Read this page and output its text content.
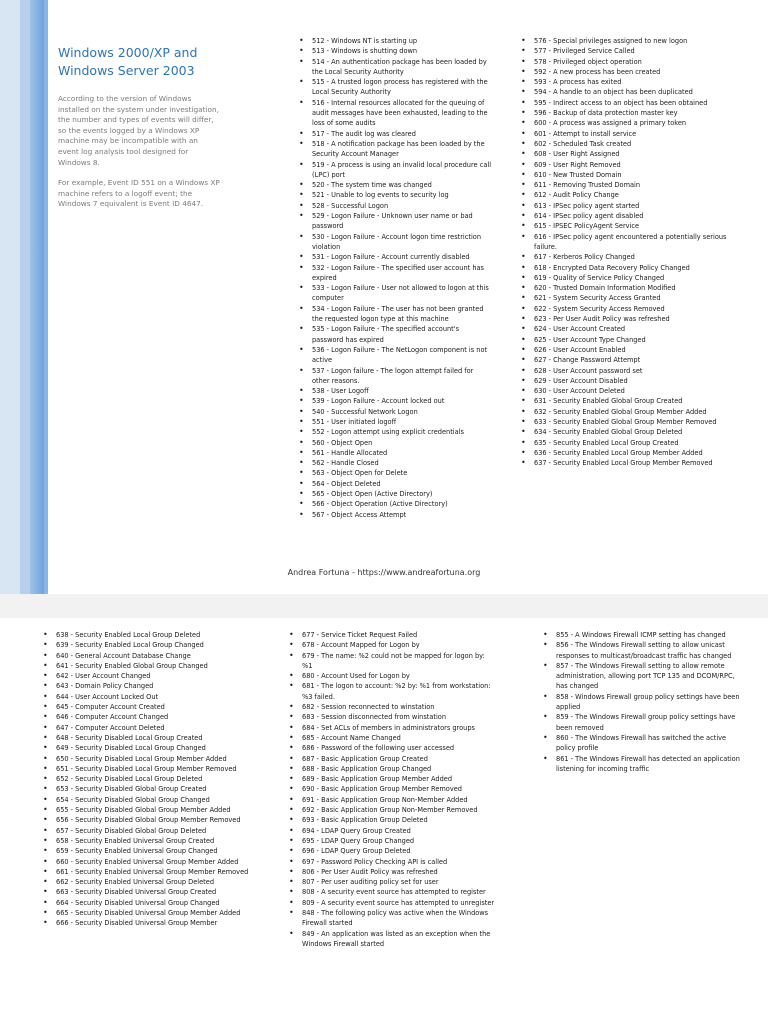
Windows 2000/XP and
Windows Server 2003

According to the version of Windows installed on the system under investigation, the number and types of events will differ, so the events logged by a Windows XP machine may be incompatible with an event log analysis tool designed for Windows 8.

For example, Event ID 551 on a Windows XP machine refers to a logoff event; the Windows 7 equivalent is Event ID 4647.

• 512 - Windows NT is starting up
• 513 - Windows is shutting down
• 514 - An authentication package has been loaded by the Local Security Authority
• 515 - A trusted logon process has registered with the Local Security Authority
• 516 - Internal resources allocated for the queuing of audit messages have been exhausted, leading to the loss of some audits
• 517 - The audit log was cleared
• 518 - A notification package has been loaded by the Security Account Manager
• 519 - A process is using an invalid local procedure call (LPC) port
• 520 - The system time was changed
• 521 - Unable to log events to security log
• 528 - Successful Logon
• 529 - Logon Failure - Unknown user name or bad password
• 530 - Logon Failure - Account logon time restriction violation
• 531 - Logon Failure - Account currently disabled
• 532 - Logon Failure - The specified user account has expired
• 533 - Logon Failure - User not allowed to logon at this computer
• 534 - Logon Failure - The user has not been granted the requested logon type at this machine
• 535 - Logon Failure - The specified account's password has expired
• 536 - Logon Failure - The NetLogon component is not active
• 537 - Logon failure - The logon attempt failed for other reasons.
• 538 - User Logoff
• 539 - Logon Failure - Account locked out
• 540 - Successful Network Logon
• 551 - User initiated logoff
• 552 - Logon attempt using explicit credentials
• 560 - Object Open
• 561 - Handle Allocated
• 562 - Handle Closed
• 563 - Object Open for Delete
• 564 - Object Deleted
• 565 - Object Open (Active Directory)
• 566 - Object Operation (Active Directory)
• 567 - Object Access Attempt
• 576 - Special privileges assigned to new logon
• 577 - Privileged Service Called
• 578 - Privileged object operation
• 592 - A new process has been created
• 593 - A process has exited
• 594 - A handle to an object has been duplicated
• 595 - Indirect access to an object has been obtained
• 596 - Backup of data protection master key
• 600 - A process was assigned a primary token
• 601 - Attempt to install service
• 602 - Scheduled Task created
• 608 - User Right Assigned
• 609 - User Right Removed
• 610 - New Trusted Domain
• 611 - Removing Trusted Domain
• 612 - Audit Policy Change
• 613 - IPSec policy agent started
• 614 - IPSec policy agent disabled
• 615 - IPSEC PolicyAgent Service
• 616 - IPSec policy agent encountered a potentially serious failure.
• 617 - Kerberos Policy Changed
• 618 - Encrypted Data Recovery Policy Changed
• 619 - Quality of Service Policy Changed
• 620 - Trusted Domain Information Modified
• 621 - System Security Access Granted
• 622 - System Security Access Removed
• 623 - Per User Audit Policy was refreshed
• 624 - User Account Created
• 625 - User Account Type Changed
• 626 - User Account Enabled
• 627 - Change Password Attempt
• 628 - User Account password set
• 629 - User Account Disabled
• 630 - User Account Deleted
• 631 - Security Enabled Global Group Created
• 632 - Security Enabled Global Group Member Added
• 633 - Security Enabled Global Group Member Removed
• 634 - Security Enabled Global Group Deleted
• 635 - Security Enabled Local Group Created
• 636 - Security Enabled Local Group Member Added
• 637 - Security Enabled Local Group Member Removed
Andrea Fortuna - https://www.andreafortuna.org
• 638 - Security Enabled Local Group Deleted
• 639 - Security Enabled Local Group Changed
• 640 - General Account Database Change
• 641 - Security Enabled Global Group Changed
• 642 - User Account Changed
• 643 - Domain Policy Changed
• 644 - User Account Locked Out
• 645 - Computer Account Created
• 646 - Computer Account Changed
• 647 - Computer Account Deleted
• 648 - Security Disabled Local Group Created
• 649 - Security Disabled Local Group Changed
• 650 - Security Disabled Local Group Member Added
• 651 - Security Disabled Local Group Member Removed
• 652 - Security Disabled Local Group Deleted
• 653 - Security Disabled Global Group Created
• 654 - Security Disabled Global Group Changed
• 655 - Security Disabled Global Group Member Added
• 656 - Security Disabled Global Group Member Removed
• 657 - Security Disabled Global Group Deleted
• 658 - Security Enabled Universal Group Created
• 659 - Security Enabled Universal Group Changed
• 660 - Security Enabled Universal Group Member Added
• 661 - Security Enabled Universal Group Member Removed
• 662 - Security Enabled Universal Group Deleted
• 663 - Security Disabled Universal Group Created
• 664 - Security Disabled Universal Group Changed
• 665 - Security Disabled Universal Group Member Added
• 666 - Security Disabled Universal Group Member
• 677 - Service Ticket Request Failed
• 678 - Account Mapped for Logon by
• 679 - The name: %2 could not be mapped for logon by: %1
• 680 - Account Used for Logon by
• 681 - The logon to account: %2 by: %1 from workstation: %3 failed.
• 682 - Session reconnected to winstation
• 683 - Session disconnected from winstation
• 684 - Set ACLs of members in administrators groups
• 685 - Account Name Changed
• 686 - Password of the following user accessed
• 687 - Basic Application Group Created
• 688 - Basic Application Group Changed
• 689 - Basic Application Group Member Added
• 690 - Basic Application Group Member Removed
• 691 - Basic Application Group Non-Member Added
• 692 - Basic Application Group Non-Member Removed
• 693 - Basic Application Group Deleted
• 694 - LDAP Query Group Created
• 695 - LDAP Query Group Changed
• 696 - LDAP Query Group Deleted
• 697 - Password Policy Checking API is called
• 806 - Per User Audit Policy was refreshed
• 807 - Per user auditing policy set for user
• 808 - A security event source has attempted to register
• 809 - A security event source has attempted to unregister
• 848 - The following policy was active when the Windows Firewall started
• 849 - An application was listed as an exception when the Windows Firewall started
• 855 - A Windows Firewall ICMP setting has changed
• 856 - The Windows Firewall setting to allow unicast responses to multicast/broadcast traffic has changed
• 857 - The Windows Firewall setting to allow remote administration, allowing port TCP 135 and DCOM/RPC, has changed
• 858 - Windows Firewall group policy settings have been applied
• 859 - The Windows Firewall group policy settings have been removed
• 860 - The Windows Firewall has switched the active policy profile
• 861 - The Windows Firewall has detected an application listening for incoming traffic
